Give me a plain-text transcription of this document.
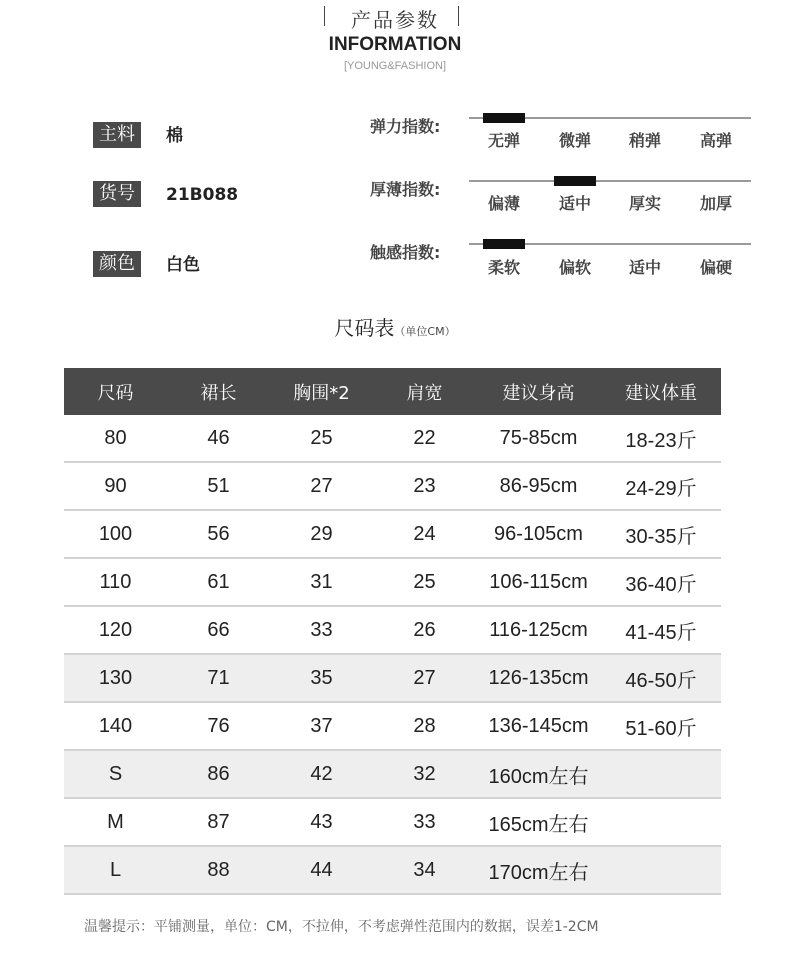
产品参数
INFORMATION
[YOUNG&FASHION]
主料	棉
货号	21B088
颜色	白色
弹力指数:
无弹	微弹	稍弹	高弹
厚薄指数:
偏薄	适中	厚实	加厚
触感指数:
柔软	偏软	适中	偏硬
尺码表（单位CM）
尺码	裙长	胸围*2	肩宽	建议身高	建议体重
80	46	25	22	75-85cm	18-23斤
90	51	27	23	86-95cm	24-29斤
100	56	29	24	96-105cm	30-35斤
110	61	31	25	106-115cm	36-40斤
120	66	33	26	116-125cm	41-45斤
130	71	35	27	126-135cm	46-50斤
140	76	37	28	136-145cm	51-60斤
S	86	42	32	160cm左右	
M	87	43	33	165cm左右	
L	88	44	34	170cm左右	
温馨提示：平铺测量，单位：CM，不拉伸，不考虑弹性范围内的数据，误差1-2CM
